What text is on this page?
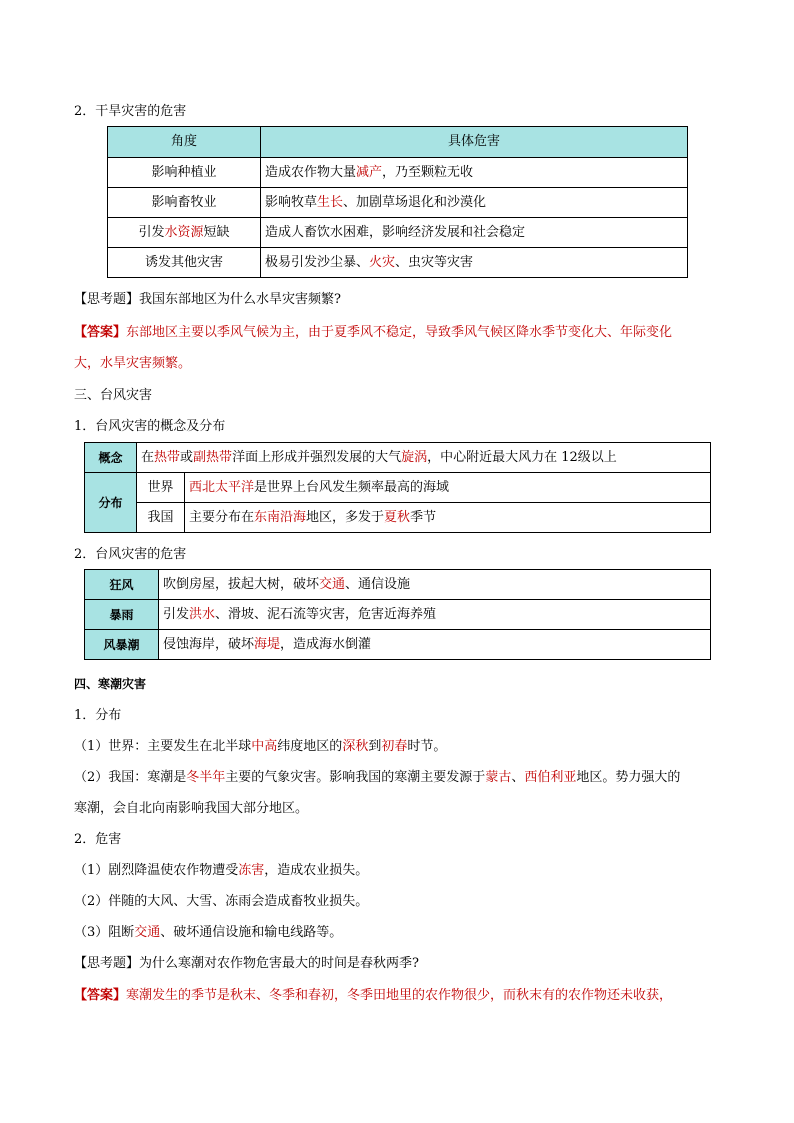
2．干旱灾害的危害
角度	具体危害
影响种植业	造成农作物大量减产，乃至颗粒无收
影响畜牧业	影响牧草生长、加剧草场退化和沙漠化
引发水资源短缺	造成人畜饮水困难，影响经济发展和社会稳定
诱发其他灾害	极易引发沙尘暴、火灾、虫灾等灾害
【思考题】我国东部地区为什么水旱灾害频繁?
【答案】东部地区主要以季风气候为主，由于夏季风不稳定，导致季风气候区降水季节变化大、年际变化
大，水旱灾害频繁。
三、台风灾害
1．台风灾害的概念及分布
概念	在热带或副热带洋面上形成并强烈发展的大气旋涡，中心附近最大风力在 12级以上	
分布	世界	西北太平洋是世界上台风发生频率最高的海域
	我国	主要分布在东南沿海地区，多发于夏秋季节
2．台风灾害的危害
狂风	吹倒房屋，拔起大树，破坏交通、通信设施
暴雨	引发洪水、滑坡、泥石流等灾害，危害近海养殖
风暴潮	侵蚀海岸，破坏海堤，造成海水倒灌
四、寒潮灾害
1．分布
（1）世界：主要发生在北半球中高纬度地区的深秋到初春时节。
（2）我国：寒潮是冬半年主要的气象灾害。影响我国的寒潮主要发源于蒙古、西伯利亚地区。势力强大的
寒潮，会自北向南影响我国大部分地区。
2．危害
（1）剧烈降温使农作物遭受冻害，造成农业损失。
（2）伴随的大风、大雪、冻雨会造成畜牧业损失。
（3）阻断交通、破坏通信设施和输电线路等。
【思考题】为什么寒潮对农作物危害最大的时间是春秋两季?
【答案】寒潮发生的季节是秋末、冬季和春初，冬季田地里的农作物很少，而秋末有的农作物还未收获，
